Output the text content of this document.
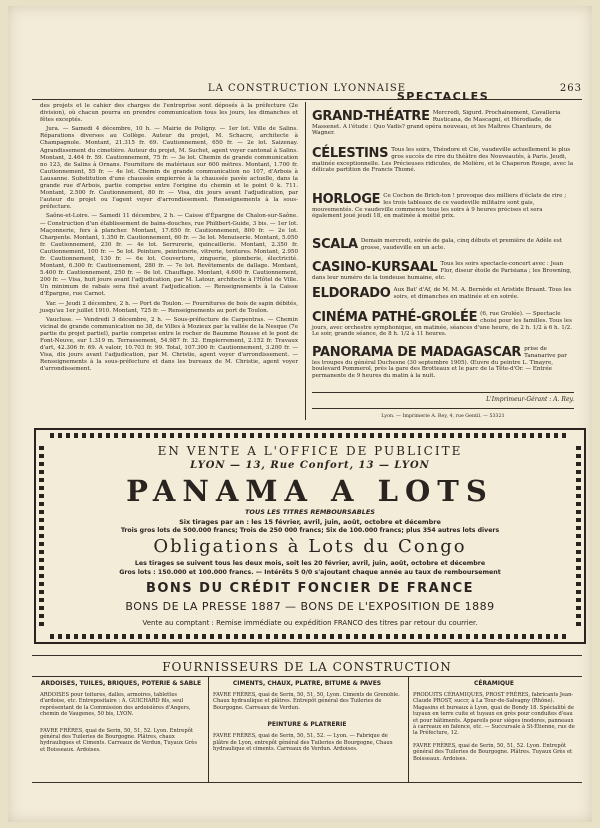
LA CONSTRUCTION LYONNAISE	263

des projets et le cahier des charges de l'entreprise sont déposés à la préfecture (2e division), où chacun pourra en prendre communication tous les jours, les dimanches et fêtes exceptés.

Jura. — Samedi 4 décembre, 10 h. — Mairie de Poligny. — 1er lot. Ville de Salins. Réparations diverses au Collège. Auteur du projet, M. Schacre, architecte à Champagnole. Montant, 21.315 fr. 69. Cautionnement, 650 fr. — 2e lot. Saizenay. Agrandissement du cimetière. Auteur du projet, M. Suchet, agent voyer cantonal à Salins. Montant, 2.464 fr. 59. Cautionnement, 75 fr. — 3e lot. Chemin de grande communication no 123, de Salins à Ornans. Fourniture de matériaux sur 600 mètres. Montant, 1.700 fr. Cautionnement, 55 fr. — 4e lot. Chemin de grande communication no 107, d'Arbois à Lausanne. Substitution d'une chaussée empierrée à la chaussée pavée actuelle, dans la grande rue d'Arbois, partie comprise entre l'origine du chemin et le point 0 k. 711. Montant, 2.500 fr. Cautionnement, 80 fr. — Visa, dix jours avant l'adjudication, par l'auteur du projet ou l'agent voyer d'arrondissement. Renseignements à la sous-préfecture.

Saône-et-Loire. — Samedi 11 décembre, 2 h. — Caisse d'Épargne de Chalon-sur-Saône. — Construction d'un établissement de bains-douches, rue Philibert-Guide, 3 bis. — 1er lot. Maçonnerie, fers à plancher. Montant, 17.650 fr. Cautionnement, 800 fr. — 2e lot. Charpente. Montant, 1.350 fr. Cautionnement, 60 fr. — 3e lot. Menuiserie. Montant, 5.050 fr. Cautionnement, 230 fr. — 4e lot. Serrurerie, quincaillerie. Montant, 2.350 fr. Cautionnement, 100 fr. — 5e lot. Peinture, peinturerie, vitrerie, tentures. Montant, 2.950 fr. Cautionnement, 130 fr. — 6e lot. Couverture, zinguerie, plomberie, électricité. Montant, 6.300 fr. Cautionnement, 280 fr. — 7e lot. Revêtements de dallage. Montant, 5.400 fr. Cautionnement, 250 fr. — 8e lot. Chauffage. Montant, 4.600 fr. Cautionnement, 200 fr. — Visa, huit jours avant l'adjudication, par M. Latour, architecte à l'Hôtel de Ville. Un minimum de rabais sera fixé avant l'adjudication. — Renseignements à la Caisse d'Épargne, rue Carnot.

Var. — Jeudi 2 décembre, 2 h. — Port de Toulon. — Fournitures de bois de sapin débités, jusqu'au 1er juillet 1910. Montant, 725 fr. — Renseignements au port de Toulon.

Vaucluse. — Vendredi 3 décembre, 2 h. — Sous-préfecture de Carpentras. — Chemin vicinal de grande communication no 38, de Villes à Mozieux par la vallée de la Nesque (7e partie du projet partiel), partie comprise entre le rocher de Baumme Rousse et le pont de Font-Neuve, sur 1.319 m. Terrassement, 54.987 fr. 32. Empierrement, 2.152 fr. Travaux d'art, 42.306 fr. 69. A valoir, 10.703 fr. 99. Total, 107.300 fr. Cautionnement, 3.200 fr. — Visa, dix jours avant l'adjudication, par M. Christie, agent voyer d'arrondissement. — Renseignements à la sous-préfecture et dans les bureaux de M. Christie, agent voyer d'arrondissement.

SPECTACLES
GRAND-THÉATRE Mercredi, Sigurd. Prochainement, Cavalleria Rusticana, de Mascagni, et Hérodiade, de Massenet. A l'étude : Quo Vadis? grand opéra nouveau, et les Maîtres Chanteurs, de Wagner.
CÉLESTINS Tous les soirs, Théodore et Cie, vaudeville actuellement le plus gros succès de rire du théâtre des Nouveautés, à Paris. Jeudi, matinée exceptionnelle. Les Précieuses ridicules, de Molière, et le Chaperon Rouge, avec la délicate partition de Francis Thomé.
HORLOGE Ce Cochon de Brich-ton ! provoque des milliers d'éclats de rire ; les trois tableaux de ce vaudeville militaire sont gais, mouvementés. Ce vaudeville commence tous les soirs à 9 heures précises et sera également joué jeudi 18, en matinée à moitié prix.
SCALA Demain mercredi, soirée de gala, cinq débuts et première de Adèle est grosse, vaudeville en un acte.
CASINO-KURSAAL Tous les soirs spectacle-concert avec : Jean Flor, diseur étoile de Parisiana ; les Browning, dans leur numéro de la tondeuse humaine, etc.
ELDORADO Aux Bat' d'Af, de M. M. A. Bernède et Aristide Bruant. Tous les soirs, et dimanches en matinée et en soirée.
CINÉMA PATHÉ-GROLÉE (6, rue Grolée). — Spectacle choisi pour les familles. Tous les jours, avec orchestre symphonique, en matinée, séances d'une heure, de 2 h. 1/2 à 6 h. 1/2. Le soir, grande séance, de 8 h. 1/2 à 11 heures.
PANORAMA DE MADAGASCAR prise de Tananarive par les troupes du général Duchesne (30 septembre 1905). Œuvre du peintre L. Tinayre, boulevard Pommerol, près la gare des Brotteaux et le parc de la Tête-d'Or. — Entrée permanente de 9 heures du matin à la nuit.
L'Imprimeur-Gérant : A. Rey.
Lyon. — Imprimerie A. Rey, 4, rue Gentil. — 53321
EN VENTE A L'OFFICE DE PUBLICITE
LYON — 13, Rue Confort, 13 — LYON
PANAMA A LOTS
TOUS LES TITRES REMBOURSABLES
Six tirages par an : les 15 février, avril, juin, août, octobre et décembre
Trois gros lots de 500.000 francs; Trois de 250 000 francs; Six de 100.000 francs; plus 354 autres lots divers
Obligations à Lots du Congo
Les tirages se suivent tous les deux mois, soit les 20 février, avril, juin, août, octobre et décembre
Gros lots : 150.000 et 100.000 francs. — Intérêts 5 0/0 s'ajoutant chaque année au taux de remboursement
BONS DU CRÉDIT FONCIER DE FRANCE
BONS DE LA PRESSE 1887 — BONS DE L'EXPOSITION DE 1889
Vente au comptant : Remise immédiate ou expédition FRANCO des titres par retour du courrier.
FOURNISSEURS DE LA CONSTRUCTION
ARDOISES, TUILES, BRIQUES, POTERIE & SABLE
ARDOISES pour toitures, dalles, armoires, tablettes d'ardoise, etc. Entrepositaire : A. GUICHARD fils, seul représentant de la Commission des ardoisières d'Angers, chemin de Vaugenes, 50 bis, LYON.
FAVRE FRÈRES, quai de Serin, 50, 51, 52. Lyon. Entrepôt général des Tuileries de Bourgogne. Plâtres, chaux hydrauliques et Ciments. Carreaux de Verdun, Tuyaux Grès et Boisseaux. Ardoises.
CIMENTS, CHAUX, PLATRE, BITUME & PAVES
FAVRE FRÈRES, quai de Serin, 50, 51, 50, Lyon. Ciments de Grenoble. Chaux hydraulique et plâtres. Entrepôt général des Tuileries de Bourgogne. Carreaux de Verdun.
PEINTURE & PLATRERIE
FAVRE FRÈRES, quai de Serin, 50, 51, 52. — Lyon. — Fabrique de plâtre de Lyon, entrepôt général des Tuileries de Bourgogne, Chaux hydraulique et ciments. Carreaux de Verdun. Ardoises.
CÉRAMIQUE
PRODUITS CÉRAMIQUES, PROST FRÈRES, fabricants Jean-Claude PROST, succr, à La Tour-de-Salvagny (Rhône). Magasins et bureaux à Lyon, quai de Bondy 18. Spécialité de tuyaux en terre cuite et tuyaux en grès pour conduites d'eau et pour bâtiments. Appareils pour sièges inodores, panneaux à carreaux en faïence, etc. — Succursale à St-Étienne, rue de la Préfecture, 12.
FAVRE FRÈRES, quai de Serin, 50, 51, 52. Lyon. Entrepôt général des Tuileries de Bourgogne. Plâtres. Tuyaux Grès et Boisseaux. Ardoises.
